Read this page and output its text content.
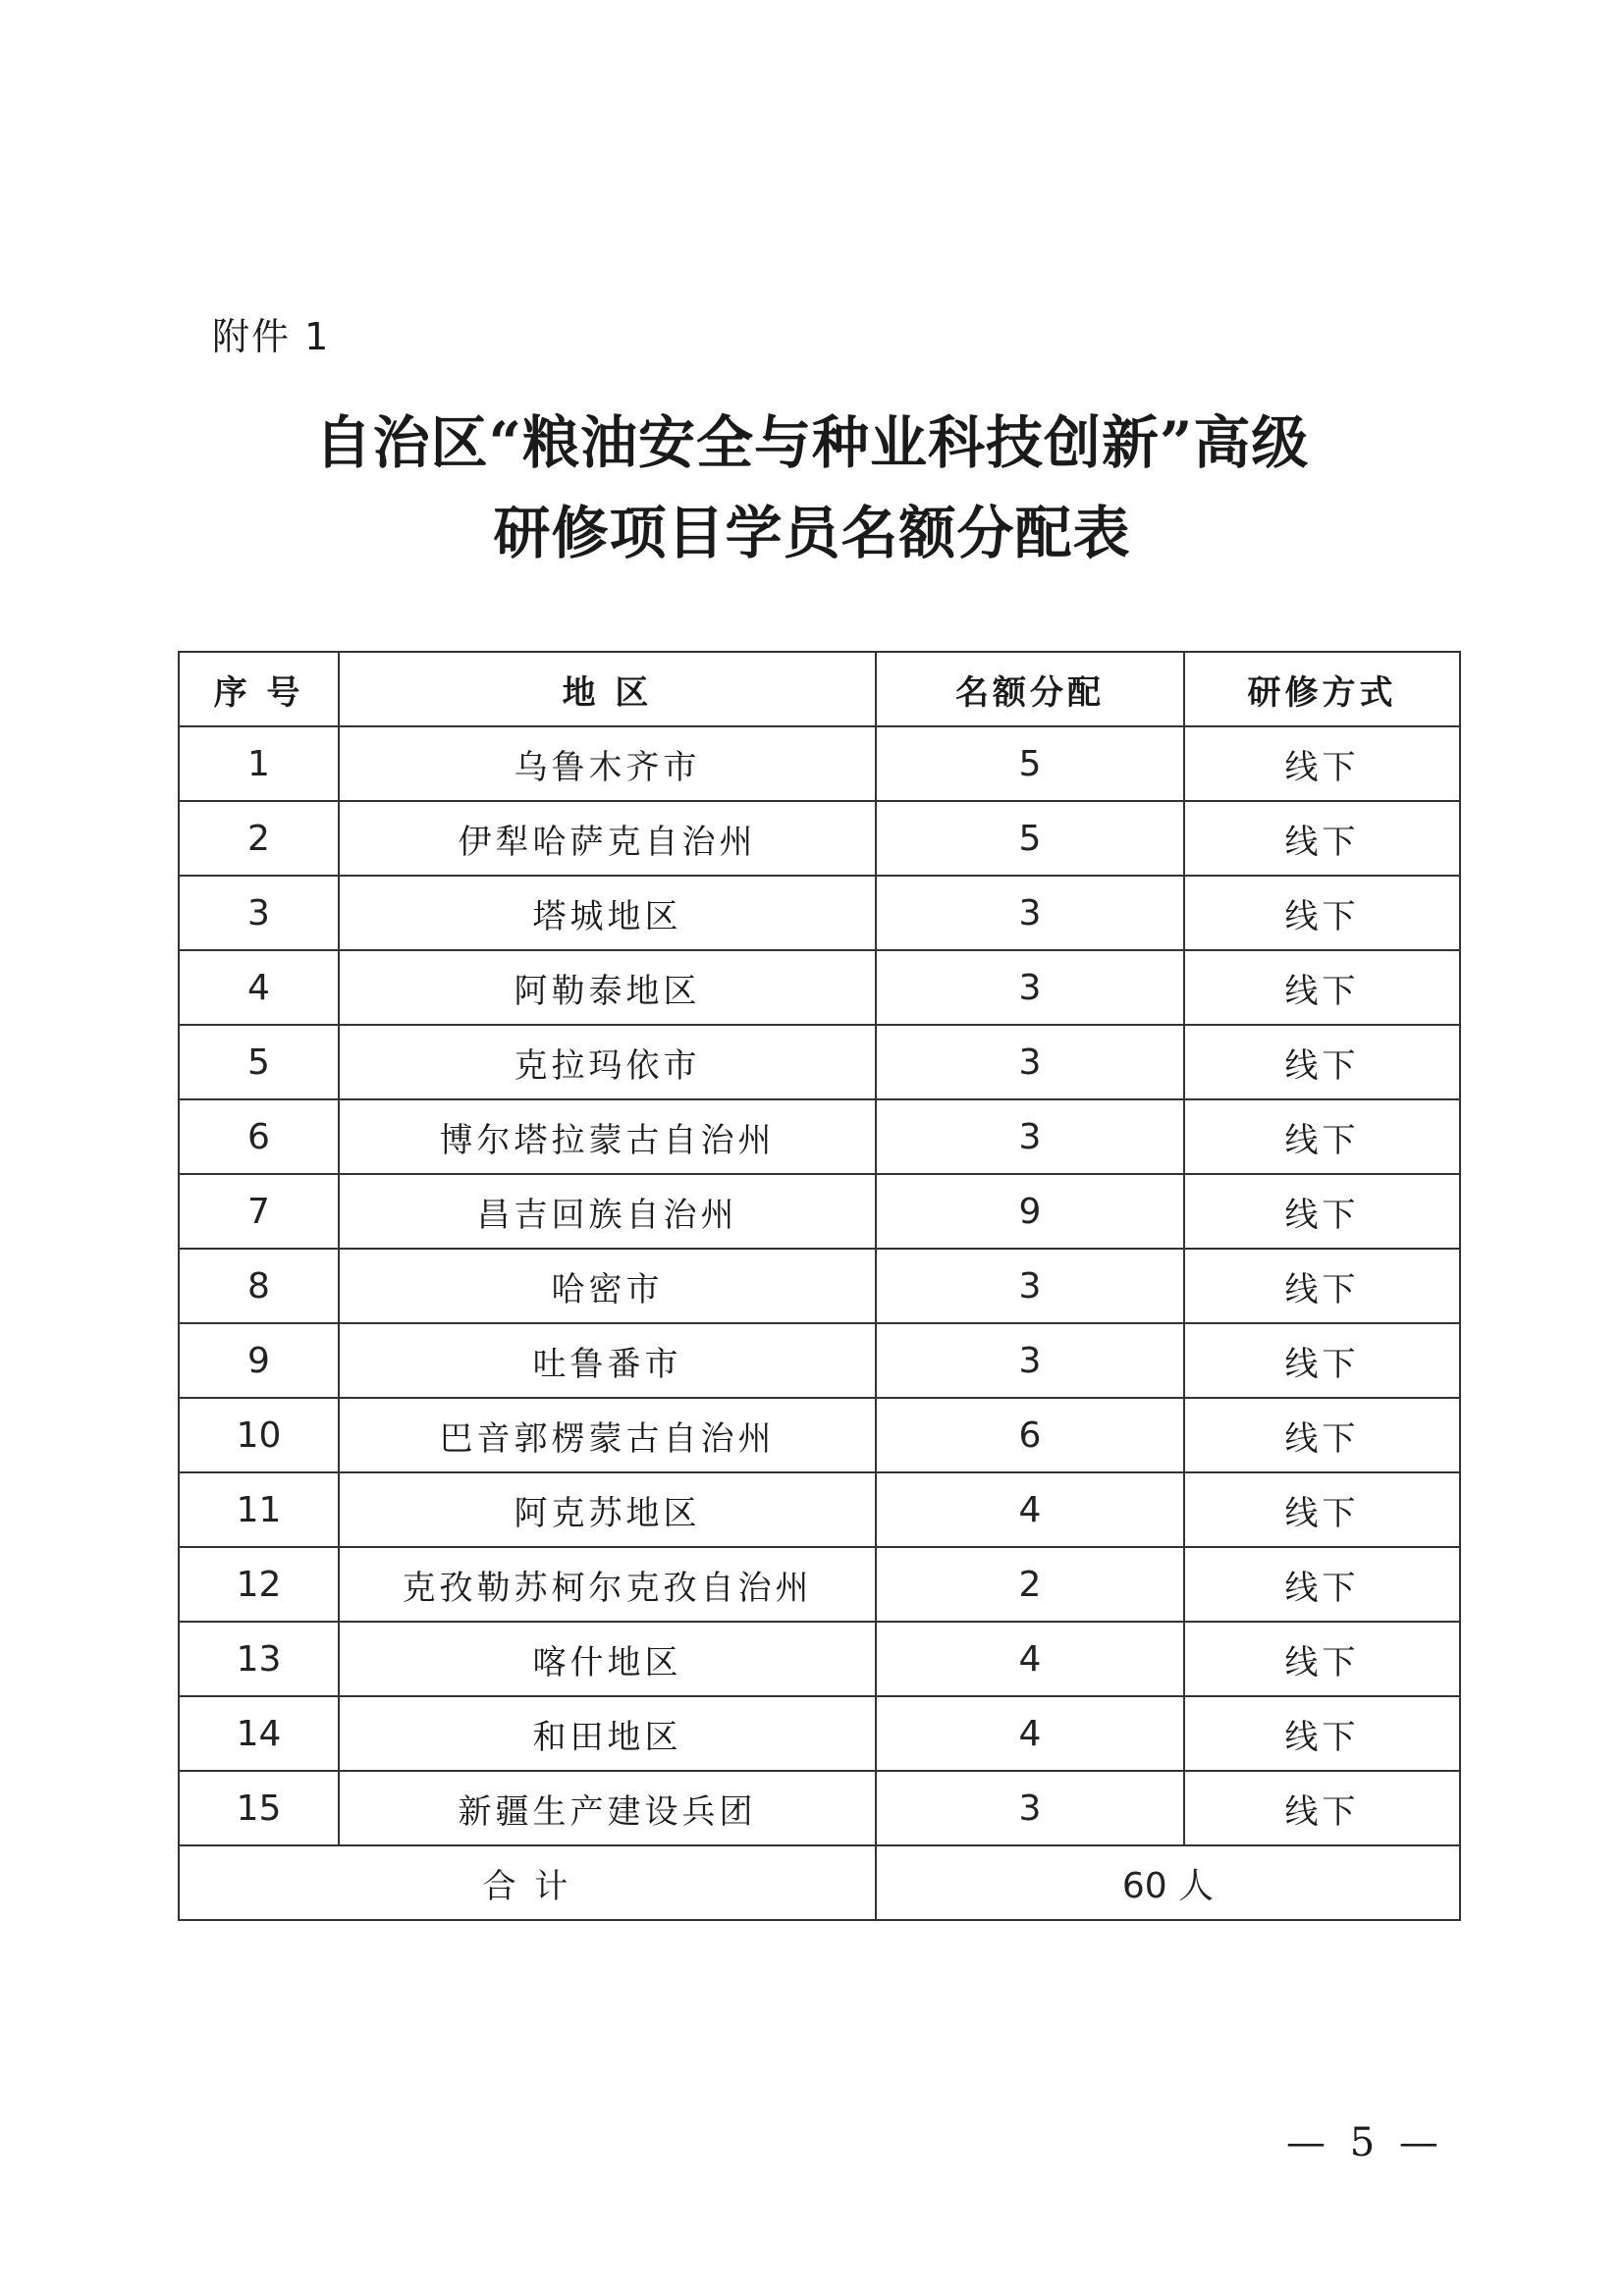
附件 1
自治区“粮油安全与种业科技创新”高级
研修项目学员名额分配表
序 号	地 区	名额分配	研修方式
1	乌鲁木齐市	5	线下
2	伊犁哈萨克自治州	5	线下
3	塔城地区	3	线下
4	阿勒泰地区	3	线下
5	克拉玛依市	3	线下
6	博尔塔拉蒙古自治州	3	线下
7	昌吉回族自治州	9	线下
8	哈密市	3	线下
9	吐鲁番市	3	线下
10	巴音郭楞蒙古自治州	6	线下
11	阿克苏地区	4	线下
12	克孜勒苏柯尔克孜自治州	2	线下
13	喀什地区	4	线下
14	和田地区	4	线下
15	新疆生产建设兵团	3	线下
合 计		60 人	
— 5 —
